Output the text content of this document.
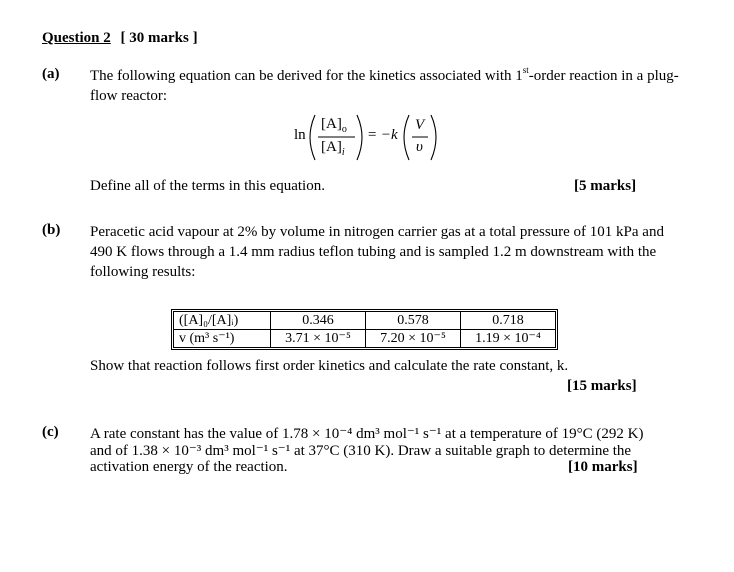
Question 2 [ 30 marks ]
(a) The following equation can be derived for the kinetics associated with 1st-order reaction in a plug-flow reactor:
ln
$[A]_o$
$[A]_i$
= −k
V
υ
Define all of the terms in this equation.	[5 marks]
(b) Peracetic acid vapour at 2% by volume in nitrogen carrier gas at a total pressure of 101 kPa and 490 K flows through a 1.4 mm radius teflon tubing and is sampled 1.2 m downstream with the following results:
([A]₀/[A]ᵢ)	0.346	0.578	0.718
v (m³ s⁻¹)	3.71 × 10⁻⁵	7.20 × 10⁻⁵	1.19 × 10⁻⁴
Show that reaction follows first order kinetics and calculate the rate constant, k.
[15 marks]
(c) A rate constant has the value of 1.78 × 10⁻⁴ dm³ mol⁻¹ s⁻¹ at a temperature of 19°C (292 K)
and of 1.38 × 10⁻³ dm³ mol⁻¹ s⁻¹ at 37°C (310 K). Draw a suitable graph to determine the
activation energy of the reaction.	[10 marks]
